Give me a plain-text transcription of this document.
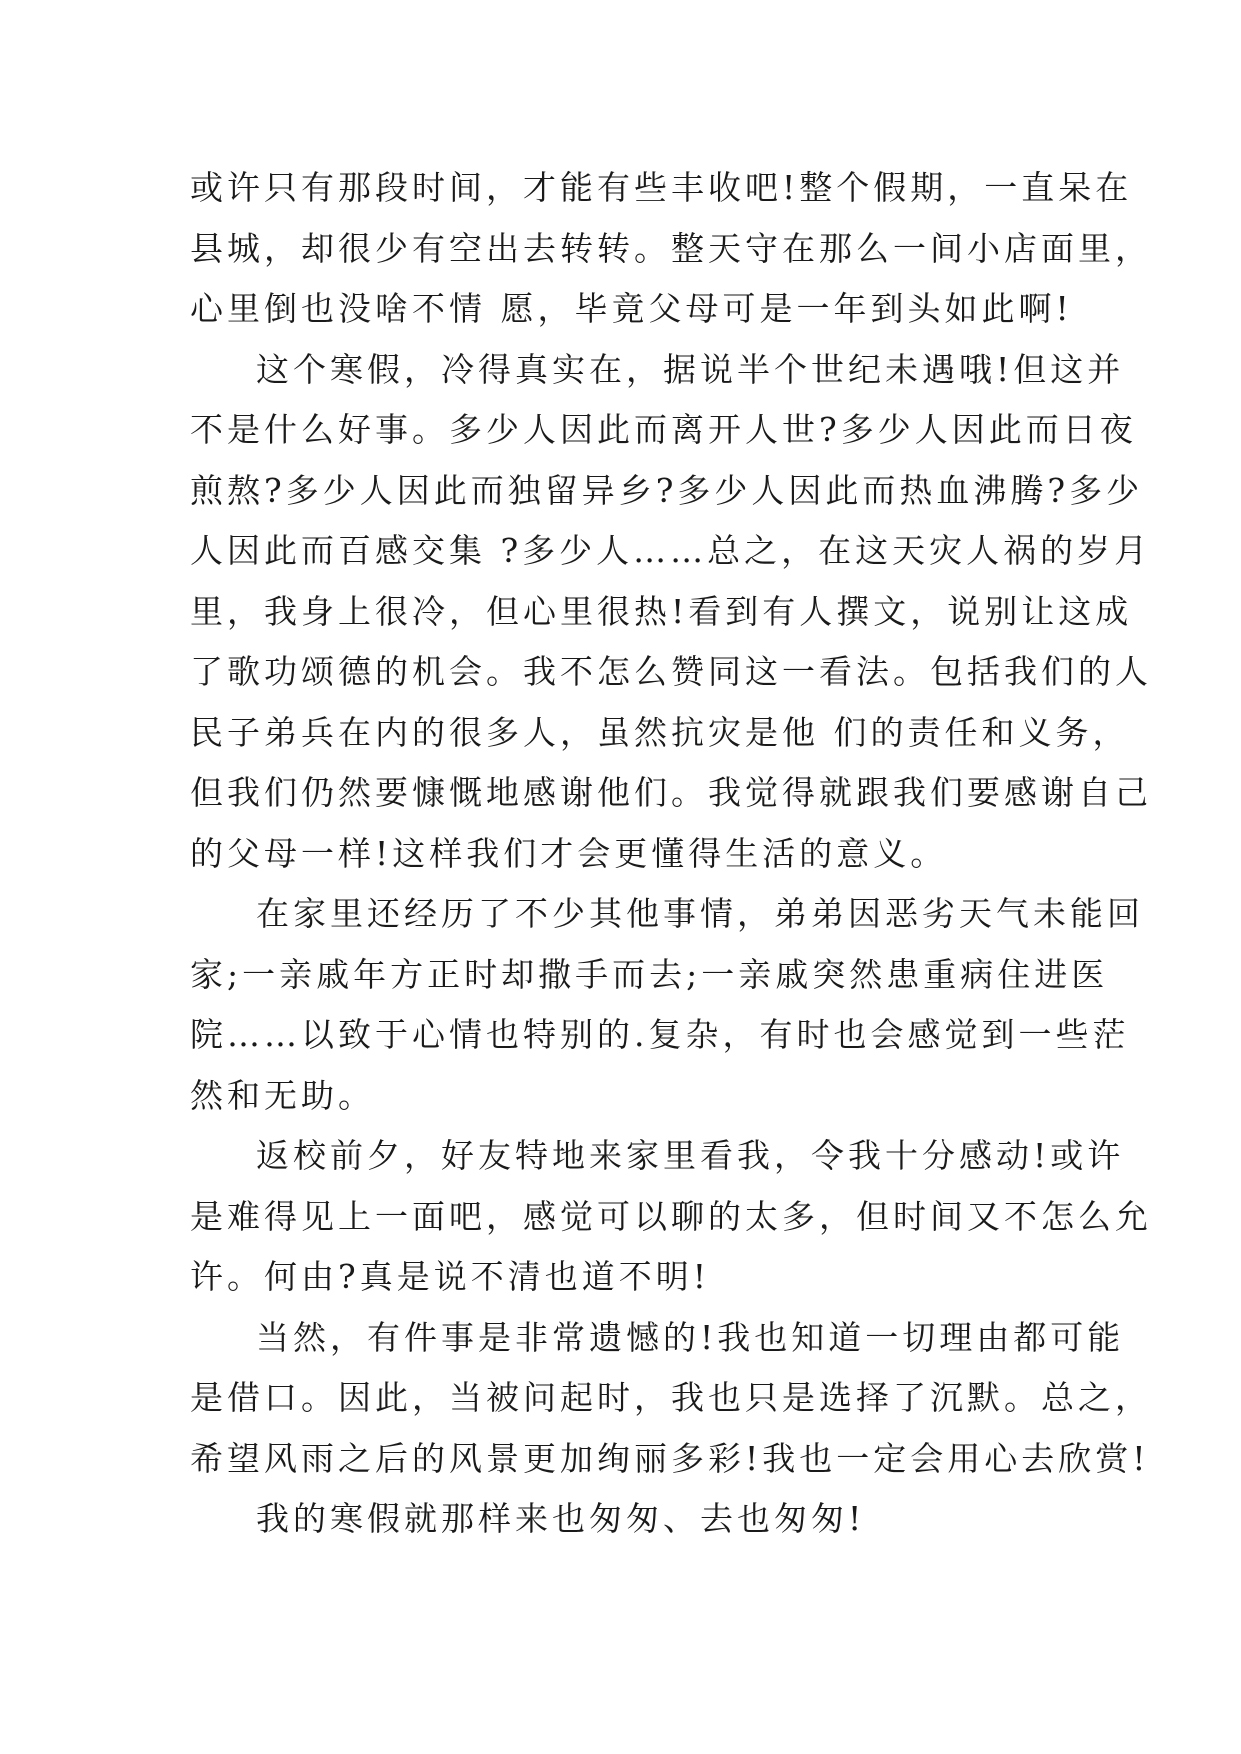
或许只有那段时间，才能有些丰收吧!整个假期，一直呆在
县城，却很少有空出去转转。整天守在那么一间小店面里，
心里倒也没啥不情 愿，毕竟父母可是一年到头如此啊!
这个寒假，冷得真实在，据说半个世纪未遇哦!但这并
不是什么好事。多少人因此而离开人世?多少人因此而日夜
煎熬?多少人因此而独留异乡?多少人因此而热血沸腾?多少
人因此而百感交集 ?多少人……总之，在这天灾人祸的岁月
里，我身上很冷，但心里很热!看到有人撰文，说别让这成
了歌功颂德的机会。我不怎么赞同这一看法。包括我们的人
民子弟兵在内的很多人，虽然抗灾是他 们的责任和义务，
但我们仍然要慷慨地感谢他们。我觉得就跟我们要感谢自己
的父母一样!这样我们才会更懂得生活的意义。
在家里还经历了不少其他事情，弟弟因恶劣天气未能回
家;一亲戚年方正时却撒手而去;一亲戚突然患重病住进医
院……以致于心情也特别的.复杂，有时也会感觉到一些茫
然和无助。
返校前夕，好友特地来家里看我，令我十分感动!或许
是难得见上一面吧，感觉可以聊的太多，但时间又不怎么允
许。何由?真是说不清也道不明!
当然，有件事是非常遗憾的!我也知道一切理由都可能
是借口。因此，当被问起时，我也只是选择了沉默。总之，
希望风雨之后的风景更加绚丽多彩!我也一定会用心去欣赏!
我的寒假就那样来也匆匆、去也匆匆!
